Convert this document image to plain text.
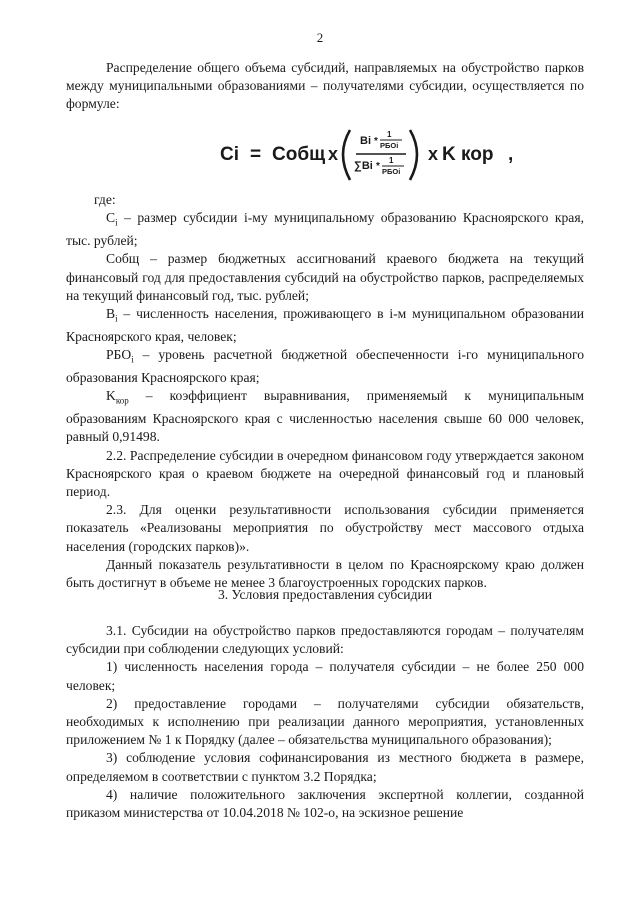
2

Распределение общего объема субсидий, направляемых на обустройство парков между муниципальными образованиями – получателями субсидии, осуществляется по формуле:

Ci = Cобщ x
Bi *
1
PБOi
∑Bi *
1
PБOi
x K кор ,

где:

$C_i$ – размер субсидии i-му муниципальному образованию Красноярского края, тыс. рублей;

Cобщ – размер бюджетных ассигнований краевого бюджета на текущий финансовый год для предоставления субсидий на обустройство парков, распределяемых на текущий финансовый год, тыс. рублей;

$B_i$ – численность населения, проживающего в i-м муниципальном образовании Красноярского края, человек;

$PБO_i$ – уровень расчетной бюджетной обеспеченности i-го муниципального образования Красноярского края;

$K_{кор}$ – коэффициент выравнивания, применяемый к муниципальным образованиям Красноярского края с численностью населения свыше 60 000 человек, равный 0,91498.

2.2. Распределение субсидии в очередном финансовом году утверждается законом Красноярского края о краевом бюджете на очередной финансовый год и плановый период.

2.3. Для оценки результативности использования субсидии применяется показатель «Реализованы мероприятия по обустройству мест массового отдыха населения (городских парков)».

Данный показатель результативности в целом по Красноярскому краю должен быть достигнут в объеме не менее 3 благоустроенных городских парков.

3. Условия предоставления субсидии

3.1. Субсидии на обустройство парков предоставляются городам – получателям субсидии при соблюдении следующих условий:

1) численность населения города – получателя субсидии – не более 250 000 человек;

2) предоставление городами – получателями субсидии обязательств, необходимых к исполнению при реализации данного мероприятия, установленных приложением № 1 к Порядку (далее – обязательства муниципального образования);

3) соблюдение условия софинансирования из местного бюджета в размере, определяемом в соответствии с пунктом 3.2 Порядка;

4) наличие положительного заключения экспертной коллегии, созданной приказом министерства от 10.04.2018 № 102-о, на эскизное решение
